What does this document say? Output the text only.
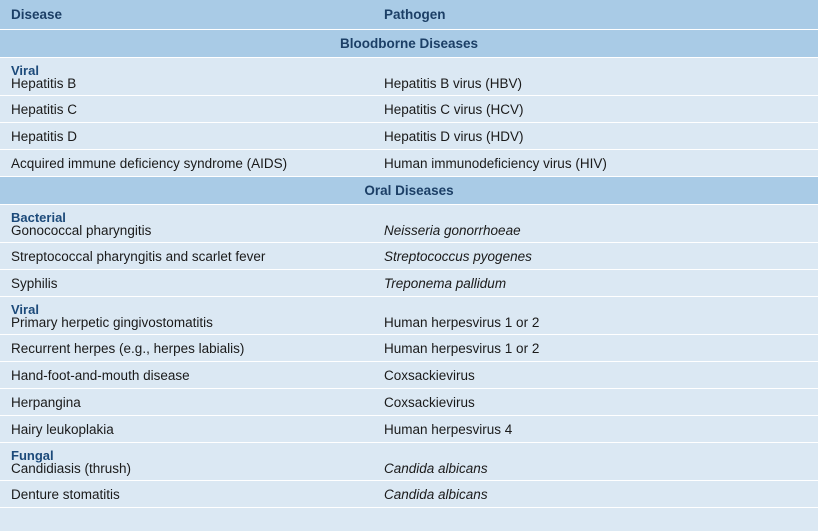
Disease	Pathogen
Bloodborne Diseases
Viral
Hepatitis B	Hepatitis B virus (HBV)
Hepatitis C	Hepatitis C virus (HCV)
Hepatitis D	Hepatitis D virus (HDV)
Acquired immune deficiency syndrome (AIDS)	Human immunodeficiency virus (HIV)
Oral Diseases
Bacterial
Gonococcal pharyngitis	Neisseria gonorrhoeae
Streptococcal pharyngitis and scarlet fever	Streptococcus pyogenes
Syphilis	Treponema pallidum
Viral
Primary herpetic gingivostomatitis	Human herpesvirus 1 or 2
Recurrent herpes (e.g., herpes labialis)	Human herpesvirus 1 or 2
Hand-foot-and-mouth disease	Coxsackievirus
Herpangina	Coxsackievirus
Hairy leukoplakia	Human herpesvirus 4
Fungal
Candidiasis (thrush)	Candida albicans
Denture stomatitis	Candida albicans
